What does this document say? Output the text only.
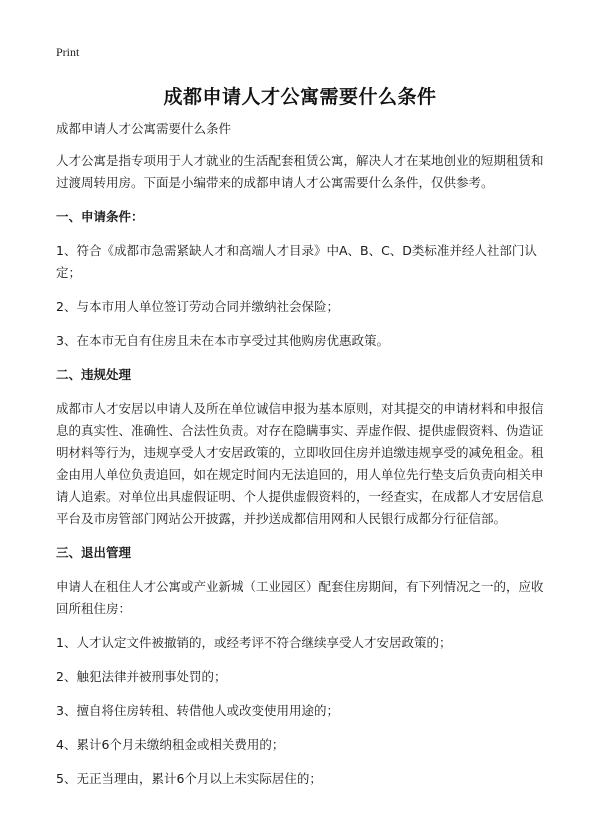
Print
成都申请人才公寓需要什么条件

成都申请人才公寓需要什么条件

人才公寓是指专项用于人才就业的生活配套租赁公寓，解决人才在某地创业的短期租赁和过渡周转用房。下面是小编带来的成都申请人才公寓需要什么条件，仅供参考。

一、申请条件：

1、符合《成都市急需紧缺人才和高端人才目录》中A、B、C、D类标准并经人社部门认定；

2、与本市用人单位签订劳动合同并缴纳社会保险；

3、在本市无自有住房且未在本市享受过其他购房优惠政策。

二、违规处理

成都市人才安居以申请人及所在单位诚信申报为基本原则，对其提交的申请材料和申报信息的真实性、准确性、合法性负责。对存在隐瞒事实、弄虚作假、提供虚假资料、伪造证明材料等行为，违规享受人才安居政策的，立即收回住房并追缴违规享受的减免租金。租金由用人单位负责追回，如在规定时间内无法追回的，用人单位先行垫支后负责向相关申请人追索。对单位出具虚假证明、个人提供虚假资料的，一经查实，在成都人才安居信息平台及市房管部门网站公开披露，并抄送成都信用网和人民银行成都分行征信部。

三、退出管理

申请人在租住人才公寓或产业新城（工业园区）配套住房期间，有下列情况之一的，应收回所租住房：

1、人才认定文件被撤销的，或经考评不符合继续享受人才安居政策的；

2、触犯法律并被刑事处罚的；

3、擅自将住房转租、转借他人或改变使用用途的；

4、累计6个月未缴纳租金或相关费用的；

5、无正当理由，累计6个月以上未实际居住的；
